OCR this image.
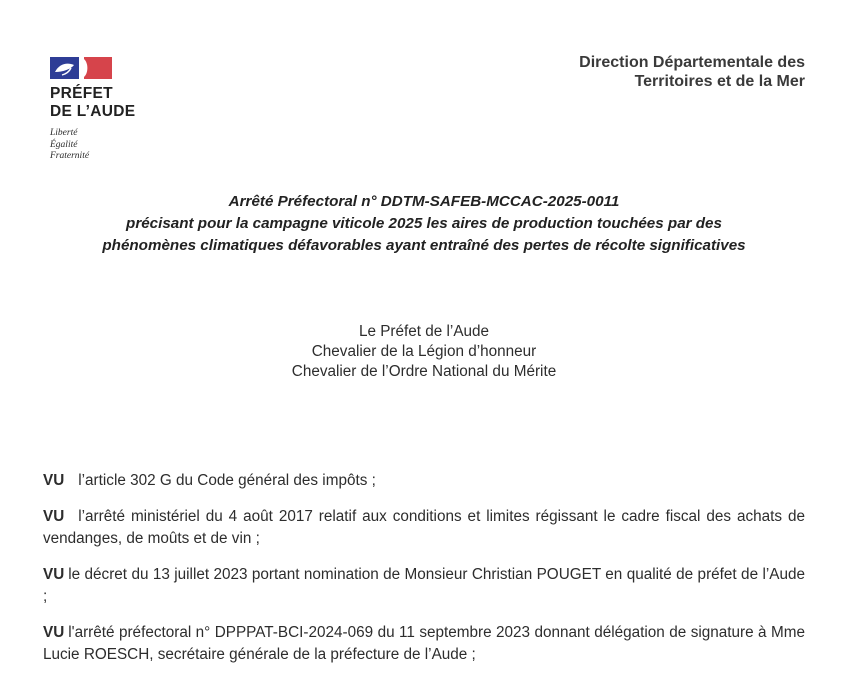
PRÉFET
DE L’AUDE
Liberté
Égalité
Fraternité
Direction Départementale des
Territoires et de la Mer
Arrêté Préfectoral n° DDTM-SAFEB-MCCAC-2025-0011
précisant pour la campagne viticole 2025 les aires de production touchées par des
phénomènes climatiques défavorables ayant entraîné des pertes de récolte significatives
Le Préfet de l’Aude
Chevalier de la Légion d’honneur
Chevalier de l’Ordre National du Mérite

VU l’article 302 G du Code général des impôts ;

VU l’arrêté ministériel du 4 août 2017 relatif aux conditions et limites régissant le cadre fiscal des achats de vendanges, de moûts et de vin ;

VU le décret du 13 juillet 2023 portant nomination de Monsieur Christian POUGET en qualité de préfet de l’Aude ;

VU l'arrêté préfectoral n° DPPPAT-BCI-2024-069 du 11 septembre 2023 donnant délégation de signature à Mme Lucie ROESCH, secrétaire générale de la préfecture de l’Aude ;
